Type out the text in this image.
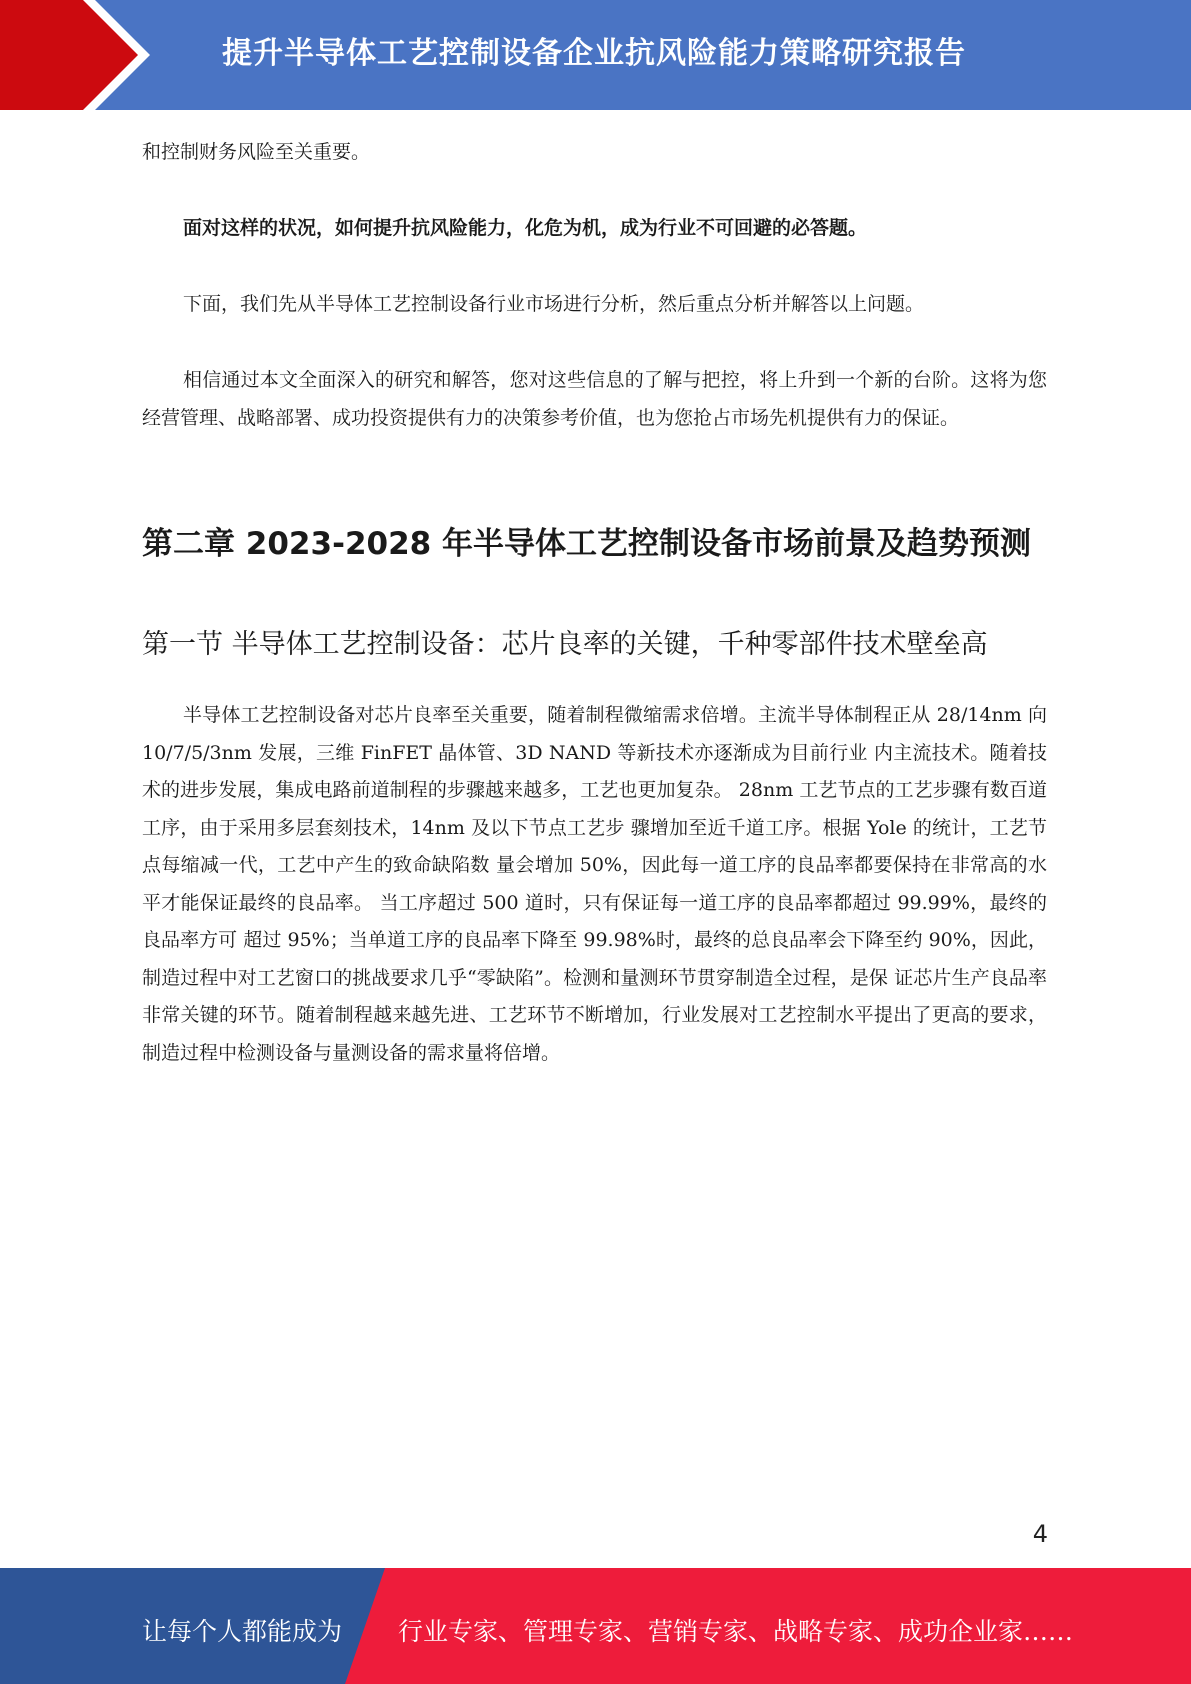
提升半导体工艺控制设备企业抗风险能力策略研究报告

和控制财务风险至关重要。

面对这样的状况，如何提升抗风险能力，化危为机，成为行业不可回避的必答题。

下面，我们先从半导体工艺控制设备行业市场进行分析，然后重点分析并解答以上问题。

相信通过本文全面深入的研究和解答，您对这些信息的了解与把控，将上升到一个新的台阶。这将为您经营管理、战略部署、成功投资提供有力的决策参考价值，也为您抢占市场先机提供有力的保证。

第二章 2023-2028 年半导体工艺控制设备市场前景及趋势预测
第一节 半导体工艺控制设备：芯片良率的关键，千种零部件技术壁垒高

半导体工艺控制设备对芯片良率至关重要，随着制程微缩需求倍增。主流半导体制程正从 28/14nm 向 10/7/5/3nm 发展，三维 FinFET 晶体管、3D NAND 等新技术亦逐渐成为目前行业 内主流技术。随着技术的进步发展，集成电路前道制程的步骤越来越多，工艺也更加复杂。 28nm 工艺节点的工艺步骤有数百道工序，由于采用多层套刻技术，14nm 及以下节点工艺步 骤增加至近千道工序。根据 Yole 的统计，工艺节点每缩减一代，工艺中产生的致命缺陷数 量会增加 50%，因此每一道工序的良品率都要保持在非常高的水平才能保证最终的良品率。 当工序超过 500 道时，只有保证每一道工序的良品率都超过 99.99%，最终的良品率方可 超过 95%；当单道工序的良品率下降至 99.98%时，最终的总良品率会下降至约 90%，因此， 制造过程中对工艺窗口的挑战要求几乎“零缺陷”。检测和量测环节贯穿制造全过程，是保 证芯片生产良品率非常关键的环节。随着制程越来越先进、工艺环节不断增加，行业发展对工艺控制水平提出了更高的要求，制造过程中检测设备与量测设备的需求量将倍增。

4
让每个人都能成为 行业专家、管理专家、营销专家、战略专家、成功企业家……
